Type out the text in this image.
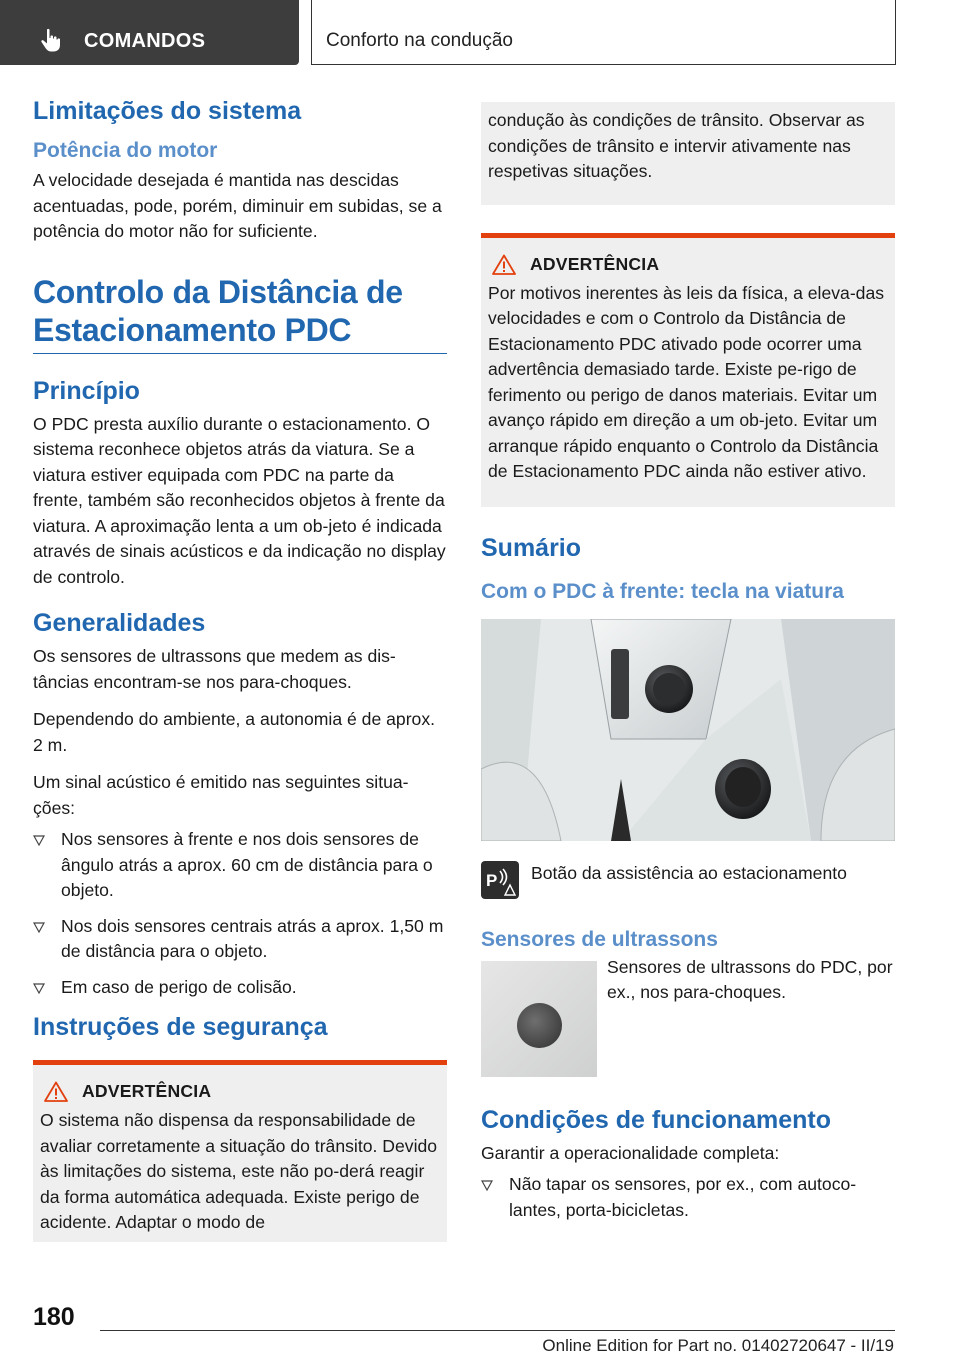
COMANDOS	Conforto na condução
Limitações do sistema
Potência do motor

A velocidade desejada é mantida nas descidas acentuadas, pode, porém, diminuir em subidas, se a potência do motor não for suficiente.

Controlo da Distância de Estacionamento PDC
Princípio

O PDC presta auxílio durante o estacionamento. O sistema reconhece objetos atrás da viatura. Se a viatura estiver equipada com PDC na parte da frente, também são reconhecidos objetos à frente da viatura. A aproximação lenta a um ob-jeto é indicada através de sinais acústicos e da indicação no display de controlo.

Generalidades

Os sensores de ultrassons que medem as dis-tâncias encontram-se nos para-choques.

Dependendo do ambiente, a autonomia é de aprox. 2 m.

Um sinal acústico é emitido nas seguintes situa-ções:

Nos sensores à frente e nos dois sensores de ângulo atrás a aprox. 60 cm de distância para o objeto.
Nos dois sensores centrais atrás a aprox. 1,50 m de distância para o objeto.
Em caso de perigo de colisão.
Instruções de segurança
ADVERTÊNCIA

O sistema não dispensa da responsabilidade de avaliar corretamente a situação do trânsito. Devido às limitações do sistema, este não po-derá reagir da forma automática adequada. Existe perigo de acidente. Adaptar o modo de

condução às condições de trânsito. Observar as condições de trânsito e intervir ativamente nas respetivas situações.

ADVERTÊNCIA

Por motivos inerentes às leis da física, a eleva-das velocidades e com o Controlo da Distância de Estacionamento PDC ativado pode ocorrer uma advertência demasiado tarde. Existe pe-rigo de ferimento ou perigo de danos materiais. Evitar um avanço rápido em direção a um ob-jeto. Evitar um arranque rápido enquanto o Controlo da Distância de Estacionamento PDC ainda não estiver ativo.

Sumário
Com o PDC à frente: tecla na viatura
P Botão da assistência ao estacionamento

Sensores de ultrassons

Sensores de ultrassons do PDC, por ex., nos para-choques.

Condições de funcionamento

Garantir a operacionalidade completa:

Não tapar os sensores, por ex., com autoco-lantes, porta-bicicletas.
180
Online Edition for Part no. 01402720647 - II/19
